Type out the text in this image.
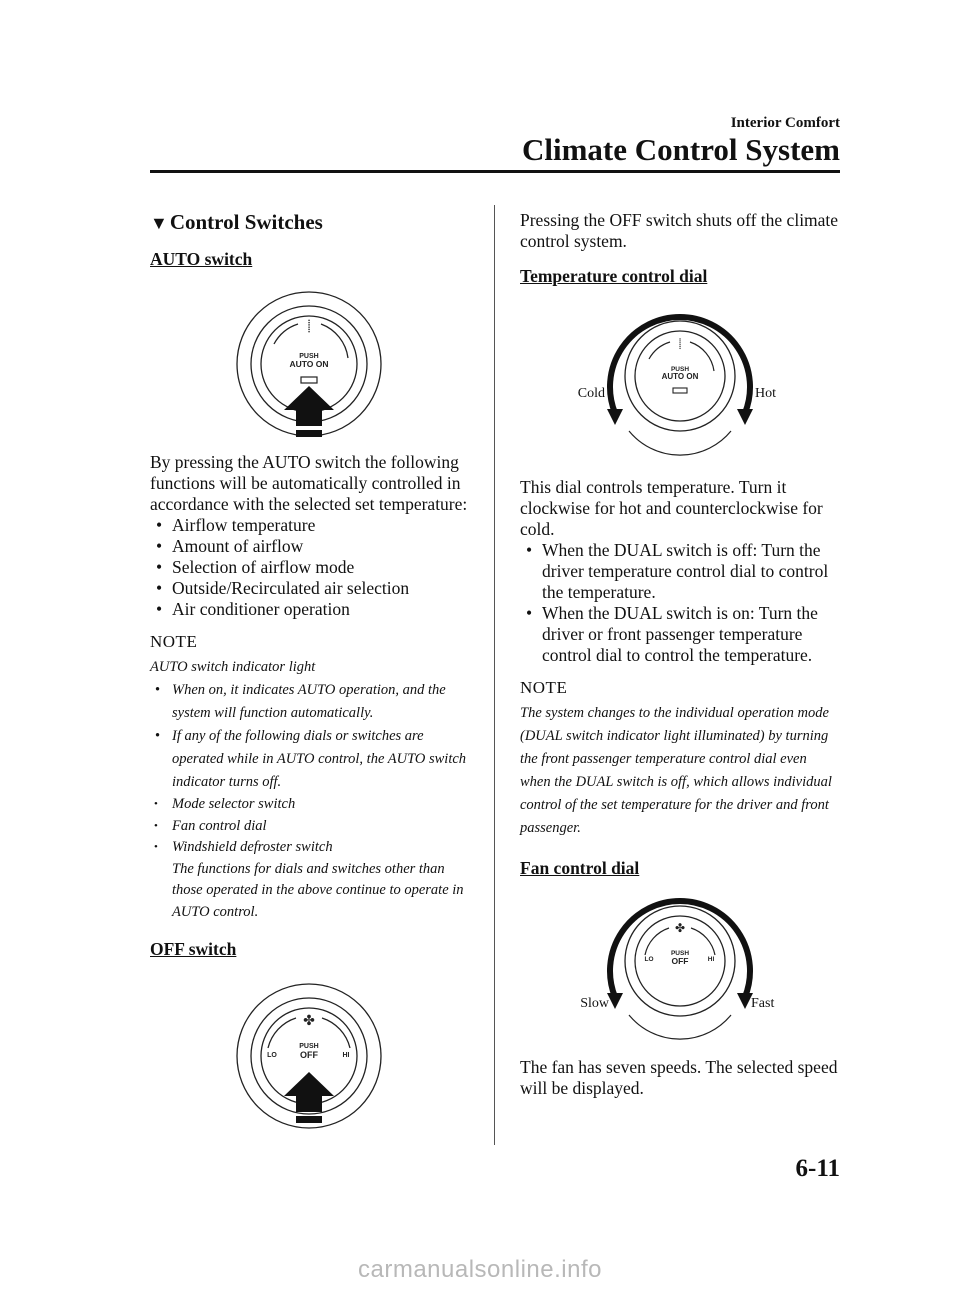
Interior Comfort
Climate Control System
▼Control Switches

AUTO switch

⸽
PUSH
AUTO ON

By pressing the AUTO switch the following functions will be automatically controlled in accordance with the selected set temperature:

• Airflow temperature
• Amount of airflow
• Selection of airflow mode
• Outside/Recirculated air selection
• Air conditioner operation

NOTE

AUTO switch indicator light

• When on, it indicates AUTO operation, and the system will function automatically.
• If any of the following dials or switches are operated while in AUTO control, the AUTO switch indicator turns off.
• Mode selector switch
• Fan control dial
• Windshield defroster switch

The functions for dials and switches other than those operated in the above continue to operate in AUTO control.

OFF switch

✤
LO	HI
PUSH
OFF

Pressing the OFF switch shuts off the climate control system.

Temperature control dial

⸽
PUSH
AUTO ON
Cold	Hot

This dial controls temperature. Turn it clockwise for hot and counterclockwise for cold.

• When the DUAL switch is off: Turn the driver temperature control dial to control the temperature.
• When the DUAL switch is on: Turn the driver or front passenger temperature control dial to control the temperature.

NOTE

The system changes to the individual operation mode (DUAL switch indicator light illuminated) by turning the front passenger temperature control dial even when the DUAL switch is off, which allows individual control of the set temperature for the driver and front passenger.

Fan control dial

✤
LO	HI
PUSH
OFF
Slow	Fast

The fan has seven speeds. The selected speed will be displayed.

6-11
carmanualsonline.info
